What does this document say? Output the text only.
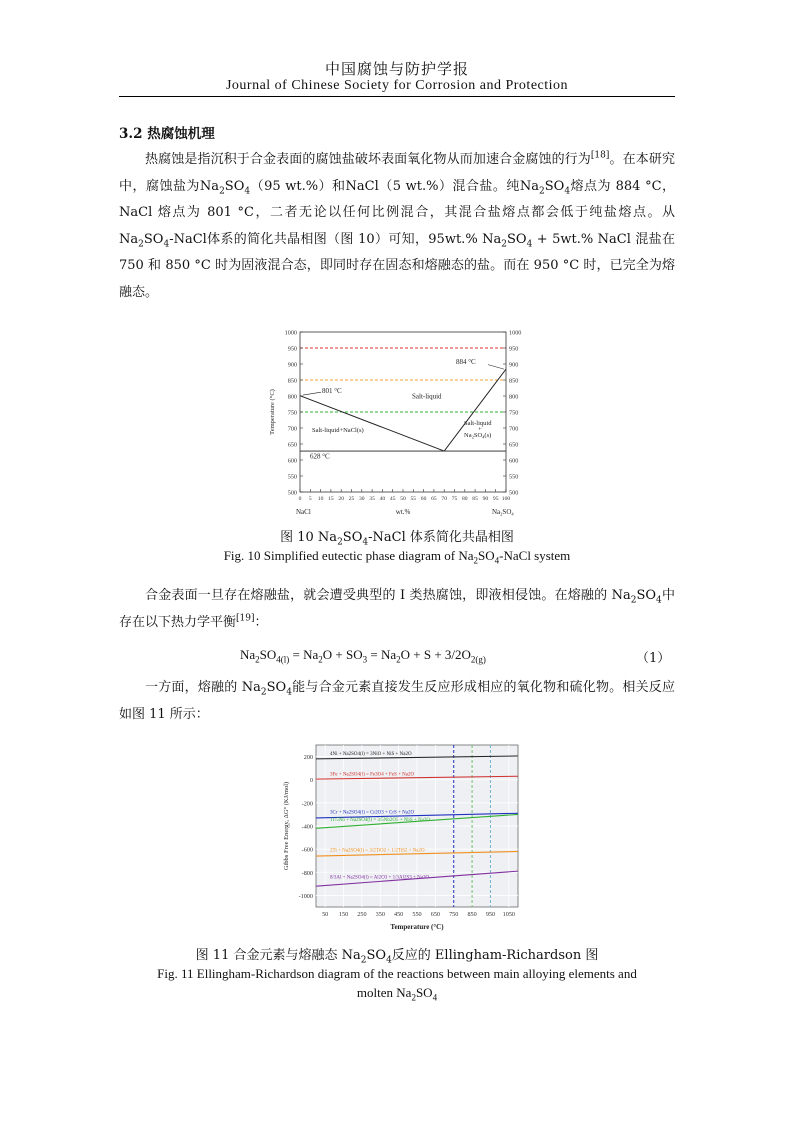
中国腐蚀与防护学报
Journal of Chinese Society for Corrosion and Protection
3.2 热腐蚀机理

热腐蚀是指沉积于合金表面的腐蚀盐破坏表面氧化物从而加速合金腐蚀的行为[18]。在本研究中，腐蚀盐为$Na_2SO_4(95$ wt.%）和NaCl（5 wt.%）混合盐。纯$Na_2SO_4$熔点为 884 °C，NaCl 熔点为 801 °C，二者无论以任何比例混合，其混合盐熔点都会低于纯盐熔点。从$Na_2SO_4$-NaCl体系的简化共晶相图（图 10）可知，95wt.% $Na_2SO_4 + 5wt.\%$ NaCl 混盐在 750 和 850 °C 时为固液混合态，即同时存在固态和熔融态的盐。而在 950 °C 时，已完全为熔融态。

500	500
550	550
600	600
650	650
700	700
750	750
800	800
850	850
900	900
950	950
1000	1000
0 5 10 15 20 25 30 35 40 45 50 55 60 65 70 75 80 85 90 95 100
Temperature (°C)
wt.%
NaCl	$Na_2SO_4$
801 °C
884 °C
628 °C
Salt-liquid
Salt-liquid+NaCl(s)
Salt-liquid
+
$Na_2SO_4(s)$
图 10 $Na_2SO_4$-NaCl 体系简化共晶相图
Fig. 10 Simplified eutectic phase diagram of $Na_2SO_4$-NaCl system

合金表面一旦存在熔融盐，就会遭受典型的 I 类热腐蚀，即液相侵蚀。在熔融的 $Na_2SO_4$中存在以下热力学平衡[19]：

$Na_2SO_{4(l)} = Na_2O + SO_3 = Na_2O + S + 3/2O_{2(g)}$	（1）

一方面，熔融的 $Na_2SO_4$能与合金元素直接发生反应形成相应的氧化物和硫化物。相关反应如图 11 所示：

200
0
-200
-400
-600
-800
-1000
50 150 250 350 450 550 650 750 850 950 1050
4Ni + Na2SO4(l) = 3NiO + NiS + Na2O
3Fe + Na2SO4(l) = Fe3O4 + FeS + Na2O
3Cr + Na2SO4(l) = Cr2O3 + CrS + Na2O
11/5Nb + Na2SO4(l) = 3/5Nb2O5 + NbS + Na2O
2Ti + Na2SO4(l) = 3/2TiO2 + 1/2TiS2 + Na2O
8/3Al + Na2SO4(l) = Al2O3 + 1/3Al2S3 + Na2O
Gibbs Free Energy, ΔG° (KJ/mol)
Temperature (°C)
图 11 合金元素与熔融态 $Na_2SO_4$反应的 Ellingham-Richardson 图
Fig. 11 Ellingham-Richardson diagram of the reactions between main alloying elements and
molten $Na_2SO_4$
